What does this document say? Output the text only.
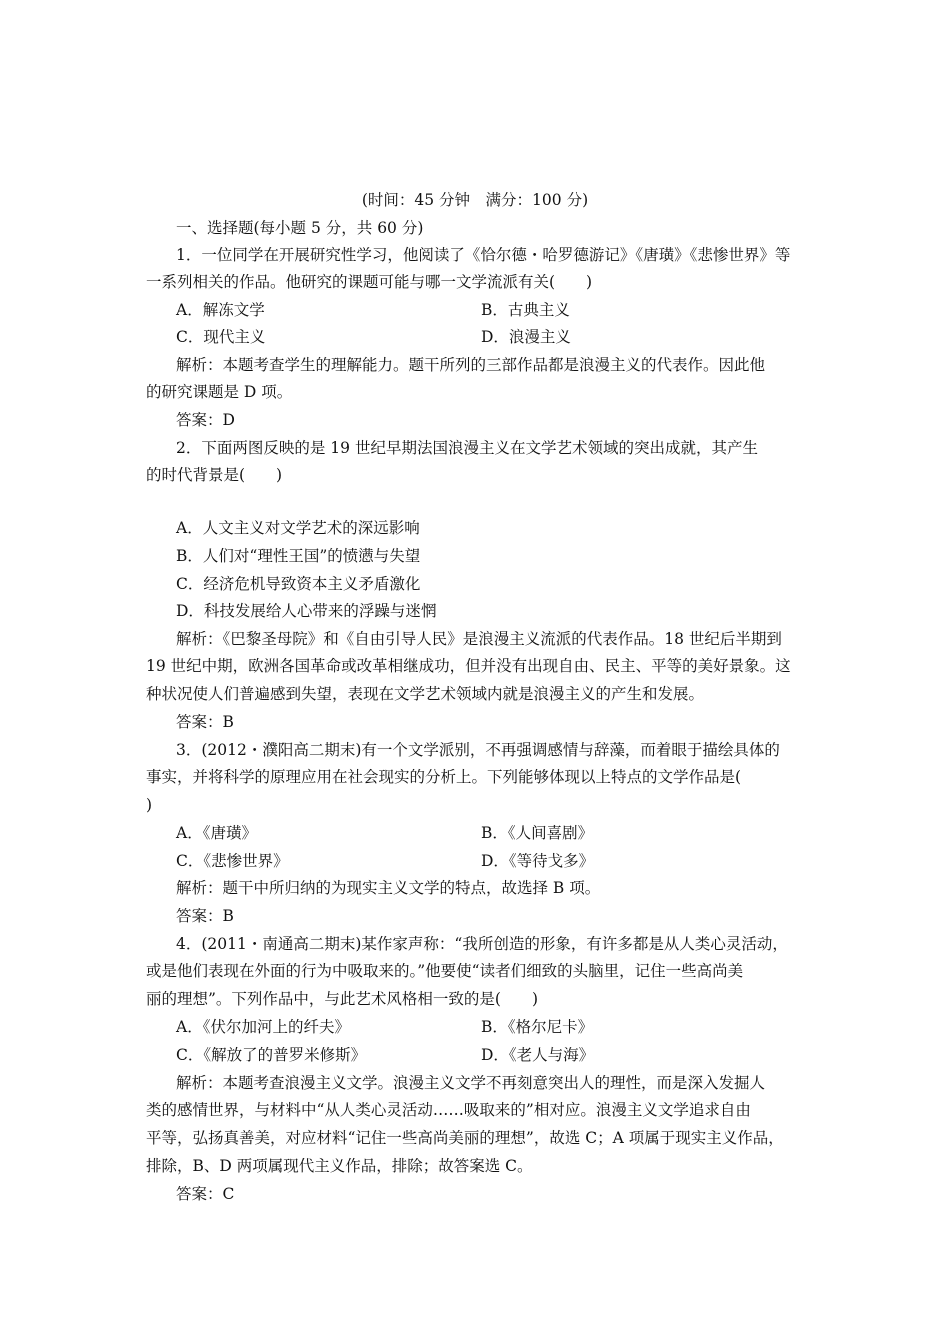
(时间：45 分钟　满分：100 分)
一、选择题(每小题 5 分，共 60 分)
1．一位同学在开展研究性学习，他阅读了《恰尔德・哈罗德游记》《唐璜》《悲惨世界》等
一系列相关的作品。他研究的课题可能与哪一文学流派有关(　　)
A．解冻文学	B．古典主义
C．现代主义	D．浪漫主义
解析：本题考查学生的理解能力。题干所列的三部作品都是浪漫主义的代表作。因此他
的研究课题是 D 项。
答案：D
2．下面两图反映的是 19 世纪早期法国浪漫主义在文学艺术领域的突出成就，其产生
的时代背景是(　　)
A．人文主义对文学艺术的深远影响
B．人们对“理性王国”的愤懑与失望
C．经济危机导致资本主义矛盾激化
D．科技发展给人心带来的浮躁与迷惘
解析：《巴黎圣母院》和《自由引导人民》是浪漫主义流派的代表作品。18 世纪后半期到
19 世纪中期，欧洲各国革命或改革相继成功，但并没有出现自由、民主、平等的美好景象。这
种状况使人们普遍感到失望，表现在文学艺术领域内就是浪漫主义的产生和发展。
答案：B
3．(2012・濮阳高二期末)有一个文学派别，不再强调感情与辞藻，而着眼于描绘具体的
事实，并将科学的原理应用在社会现实的分析上。下列能够体现以上特点的文学作品是(
)
A．《唐璜》	B．《人间喜剧》
C．《悲惨世界》	D．《等待戈多》
解析：题干中所归纳的为现实主义文学的特点，故选择 B 项。
答案：B
4．(2011・南通高二期末)某作家声称：“我所创造的形象，有许多都是从人类心灵活动，
或是他们表现在外面的行为中吸取来的。”他要使“读者们细致的头脑里，记住一些高尚美
丽的理想”。下列作品中，与此艺术风格相一致的是(　　)
A．《伏尔加河上的纤夫》	B．《格尔尼卡》
C．《解放了的普罗米修斯》	D．《老人与海》
解析：本题考查浪漫主义文学。浪漫主义文学不再刻意突出人的理性，而是深入发掘人
类的感情世界，与材料中“从人类心灵活动……吸取来的”相对应。浪漫主义文学追求自由
平等，弘扬真善美，对应材料“记住一些高尚美丽的理想”，故选 C；A 项属于现实主义作品，
排除，B、D 两项属现代主义作品，排除；故答案选 C。
答案：C
